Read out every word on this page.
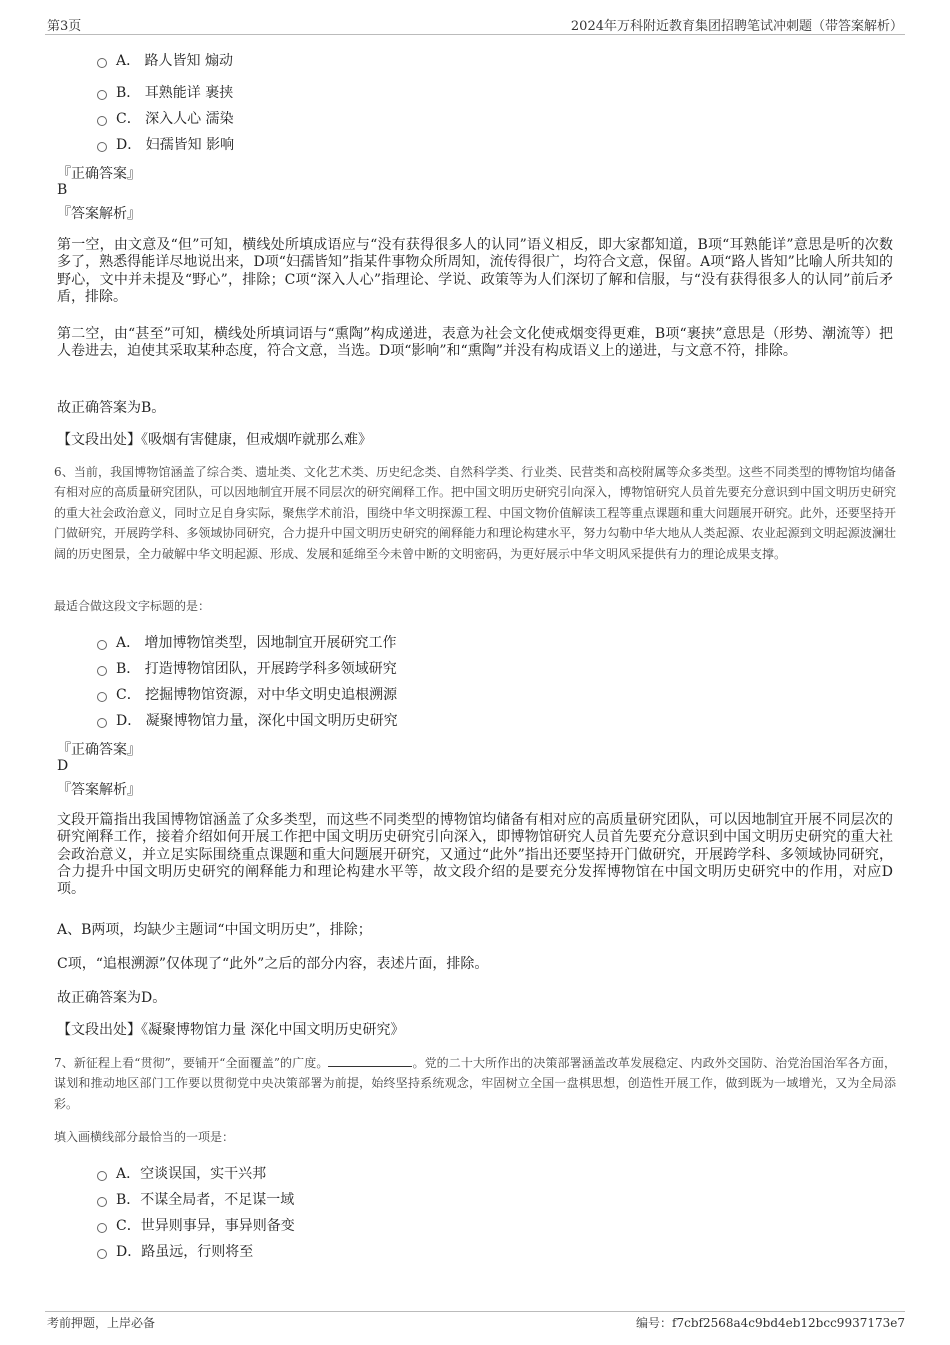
第3页	2024年万科附近教育集团招聘笔试冲刺题（带答案解析）
A． 路人皆知 煽动
B． 耳熟能详 裹挟
C． 深入人心 濡染
D． 妇孺皆知 影响
『正确答案』
B
『答案解析』
第一空，由文意及“但”可知，横线处所填成语应与“没有获得很多人的认同”语义相反，即大家都知道，B项“耳熟能详”意思是听的次数多了，熟悉得能详尽地说出来，D项“妇孺皆知”指某件事物众所周知，流传得很广，均符合文意，保留。A项“路人皆知”比喻人所共知的野心，文中并未提及“野心”，排除；C项“深入人心”指理论、学说、政策等为人们深切了解和信服，与“没有获得很多人的认同”前后矛盾，排除。
第二空，由“甚至”可知，横线处所填词语与“熏陶”构成递进，表意为社会文化使戒烟变得更难，B项“裹挟”意思是（形势、潮流等）把人卷进去，迫使其采取某种态度，符合文意，当选。D项“影响”和“熏陶”并没有构成语义上的递进，与文意不符，排除。
故正确答案为B。
【文段出处】《吸烟有害健康，但戒烟咋就那么难》
6、当前，我国博物馆涵盖了综合类、遗址类、文化艺术类、历史纪念类、自然科学类、行业类、民营类和高校附属等众多类型。这些不同类型的博物馆均储备有相对应的高质量研究团队，可以因地制宜开展不同层次的研究阐释工作。把中国文明历史研究引向深入，博物馆研究人员首先要充分意识到中国文明历史研究的重大社会政治意义，同时立足自身实际，聚焦学术前沿，围绕中华文明探源工程、中国文物价值解读工程等重点课题和重大问题展开研究。此外，还要坚持开门做研究，开展跨学科、多领域协同研究，合力提升中国文明历史研究的阐释能力和理论构建水平，努力勾勒中华大地从人类起源、农业起源到文明起源波澜壮阔的历史图景，全力破解中华文明起源、形成、发展和延绵至今未曾中断的文明密码，为更好展示中华文明风采提供有力的理论成果支撑。
最适合做这段文字标题的是：
A． 增加博物馆类型，因地制宜开展研究工作
B． 打造博物馆团队，开展跨学科多领域研究
C． 挖掘博物馆资源，对中华文明史追根溯源
D． 凝聚博物馆力量，深化中国文明历史研究
『正确答案』
D
『答案解析』
文段开篇指出我国博物馆涵盖了众多类型，而这些不同类型的博物馆均储备有相对应的高质量研究团队，可以因地制宜开展不同层次的研究阐释工作，接着介绍如何开展工作把中国文明历史研究引向深入，即博物馆研究人员首先要充分意识到中国文明历史研究的重大社会政治意义，并立足实际围绕重点课题和重大问题展开研究，又通过“此外”指出还要坚持开门做研究，开展跨学科、多领域协同研究，合力提升中国文明历史研究的阐释能力和理论构建水平等，故文段介绍的是要充分发挥博物馆在中国文明历史研究中的作用，对应D项。
A、B两项，均缺少主题词“中国文明历史”，排除；
C项，“追根溯源”仅体现了“此外”之后的部分内容，表述片面，排除。
故正确答案为D。
【文段出处】《凝聚博物馆力量 深化中国文明历史研究》
7、新征程上看“贯彻”，要铺开“全面覆盖”的广度。	。党的二十大所作出的决策部署涵盖改革发展稳定、内政外交国防、治党治国治军各方面，谋划和推动地区部门工作要以贯彻党中央决策部署为前提，始终坚持系统观念，牢固树立全国一盘棋思想，创造性开展工作，做到既为一域增光，又为全局添彩。
填入画横线部分最恰当的一项是：
A．空谈误国，实干兴邦
B．不谋全局者，不足谋一域
C．世异则事异，事异则备变
D．路虽远，行则将至
考前押题，上岸必备	编号：f7cbf2568a4c9bd4eb12bcc9937173e7
